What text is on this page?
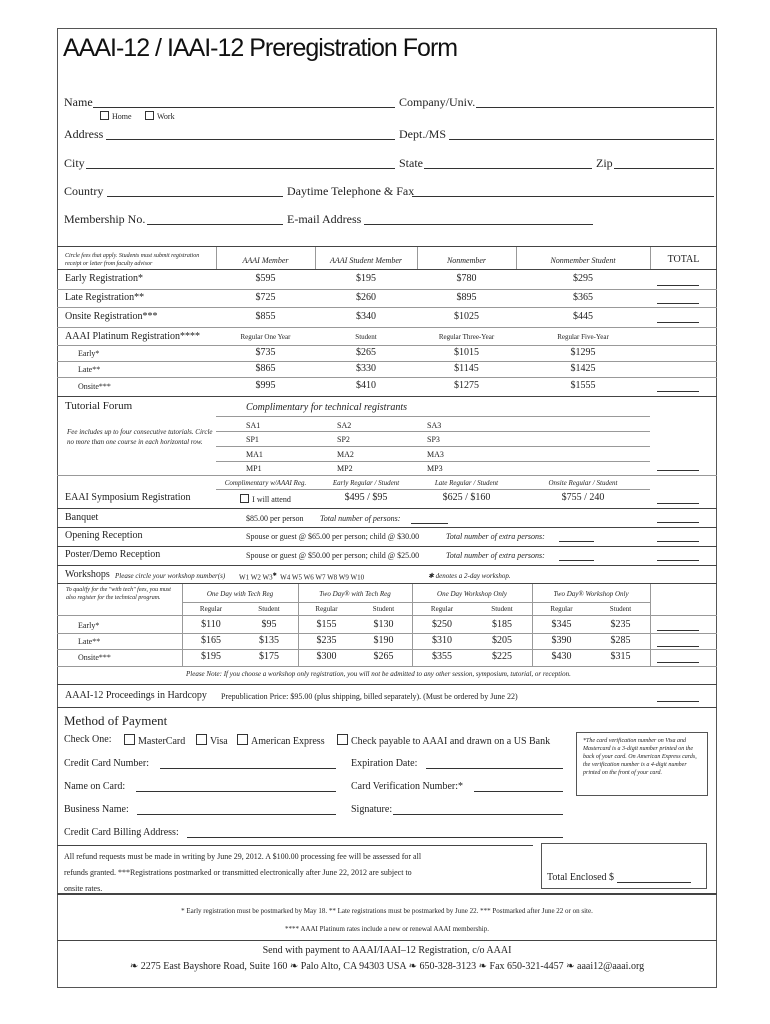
AAAI-12 / IAAI-12 Preregistration Form
Name
Home	Work
Company/Univ.
Address	Dept./MS
City	State	Zip
Country	Daytime Telephone & Fax
Membership No.	E-mail Address
Circle fees that apply. Students must submit registration receipt or letter from faculty advisor	AAAI Member	AAAI Student Member	Nonmember	Nonmember Student	TOTAL
Early Registration*	$595	$195	$780	$295
Late Registration**	$725	$260	$895	$365
Onsite Registration***	$855	$340	$1025	$445
AAAI Platinum Registration****	Regular One Year	Student	Regular Three-Year	Regular Five-Year
Early*	$735	$265	$1015	$1295
Late**	$865	$330	$1145	$1425
Onsite***	$995	$410	$1275	$1555
Tutorial Forum	Complimentary for technical registrants
Fee includes up to four consecutive tutorials. Circle no more than one course in each horizontal row.
SA1	SA2	SA3
SP1	SP2	SP3
MA1	MA2	MA3
MP1	MP2	MP3
Complimentary w/AAAI Reg.	Early Regular / Student	Late Regular / Student	Onsite Regular / Student
EAAI Symposium Registration	I will attend	$495 / $95	$625 / $160	$755 / 240
Banquet	$85.00 per person Total number of persons:
Opening Reception	Spouse or guest @ $65.00 per person; child @ $30.00	Total number of extra persons:
Poster/Demo Reception	Spouse or guest @ $50.00 per person; child @ $25.00	Total number of extra persons:
Workshops Please circle your workshop number(s) W1 W2 W3✱ W4 W5 W6 W7 W8 W9 W10	✱ denotes a 2-day workshop.
To qualify for the "with tech" fees, you must also register for the technical program.	One Day with Tech Reg	Two Day® with Tech Reg	One Day Workshop Only	Two Day® Workshop Only
Regular	Student	Regular	Student	Regular	Student	Regular	Student
Early*	$110	$95	$155	$130	$250	$185	$345	$235
Late**	$165	$135	$235	$190	$310	$205	$390	$285
Onsite***	$195	$175	$300	$265	$355	$225	$430	$315
Please Note: If you choose a workshop only registration, you will not be admitted to any other session, symposium, tutorial, or reception.
AAAI-12 Proceedings in Hardcopy Prepublication Price: $95.00 (plus shipping, billed separately). (Must be ordered by June 22)
Method of Payment
Check One:	MasterCard	Visa	American Express	Check payable to AAAI and drawn on a US Bank
Credit Card Number:	Expiration Date:
Name on Card:	Card Verification Number:*
Business Name:	Signature:
Credit Card Billing Address:
*The card verification number on Visa and Mastercard is a 3-digit number printed on the back of your card. On American Express cards, the verification number is a 4-digit number printed on the front of your card.
All refund requests must be made in writing by June 29, 2012. A $100.00 processing fee will be assessed for all refunds granted. ***Registrations postmarked or transmitted electronically after June 22, 2012 are subject to onsite rates.
Total Enclosed $
* Early registration must be postmarked by May 18. ** Late registrations must be postmarked by June 22. *** Postmarked after June 22 or on site.
**** AAAI Platinum rates include a new or renewal AAAI membership.
Send with payment to AAAI/IAAI–12 Registration, c/o AAAI
❧ 2275 East Bayshore Road, Suite 160 ❧ Palo Alto, CA 94303 USA ❧ 650-328-3123 ❧ Fax 650-321-4457 ❧ aaai12@aaai.org
